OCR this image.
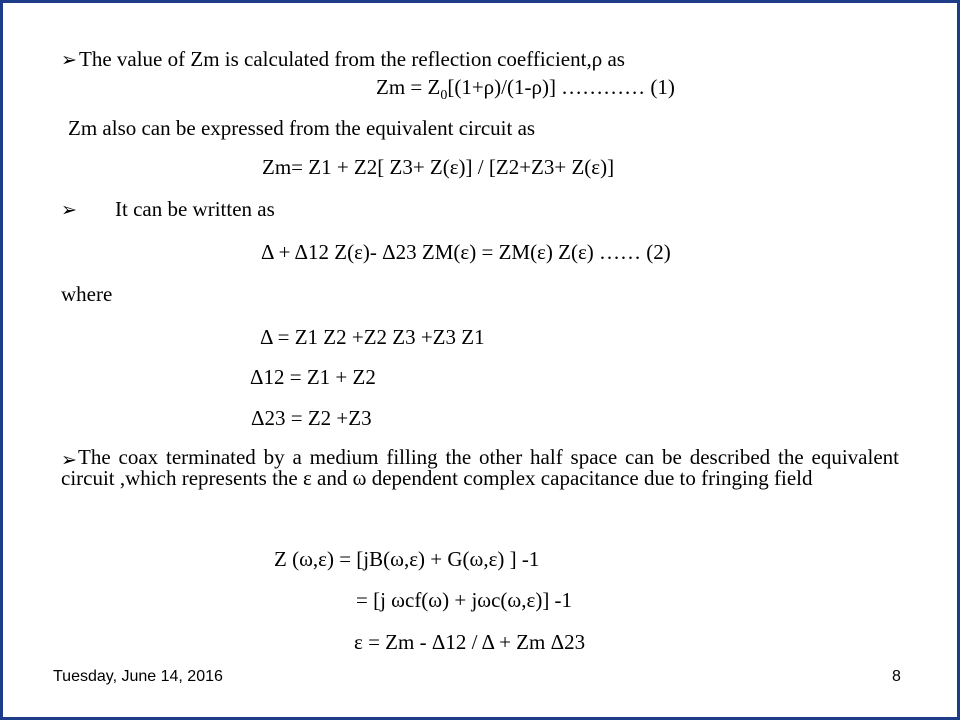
➢ The value of Zm is calculated from the reflection coefficient,ρ as
$Zm = Z_0[(1+\rho)/(1-\rho)]$ ………… (1)
Zm also can be expressed from the equivalent circuit as
Zm= Z1 + Z2[ Z3+ Z(ε)] / [Z2+Z3+ Z(ε)]
➢ It can be written as
Δ + Δ12 Z(ε)- Δ23 ZM(ε) = ZM(ε) Z(ε) …… (2)
where
Δ = Z1 Z2 +Z2 Z3 +Z3 Z1
Δ12 = Z1 + Z2
Δ23 = Z2 +Z3
➢ The coax terminated by a medium filling the other half space can be described the equivalent circuit ,which represents the ε and ω dependent complex capacitance due to fringing field
Z (ω,ε) = [jB(ω,ε) + G(ω,ε) ] -1
= [j ωcf(ω) + jωc(ω,ε)] -1
ε = Zm - Δ12 / Δ + Zm Δ23
Tuesday, June 14, 2016	8
